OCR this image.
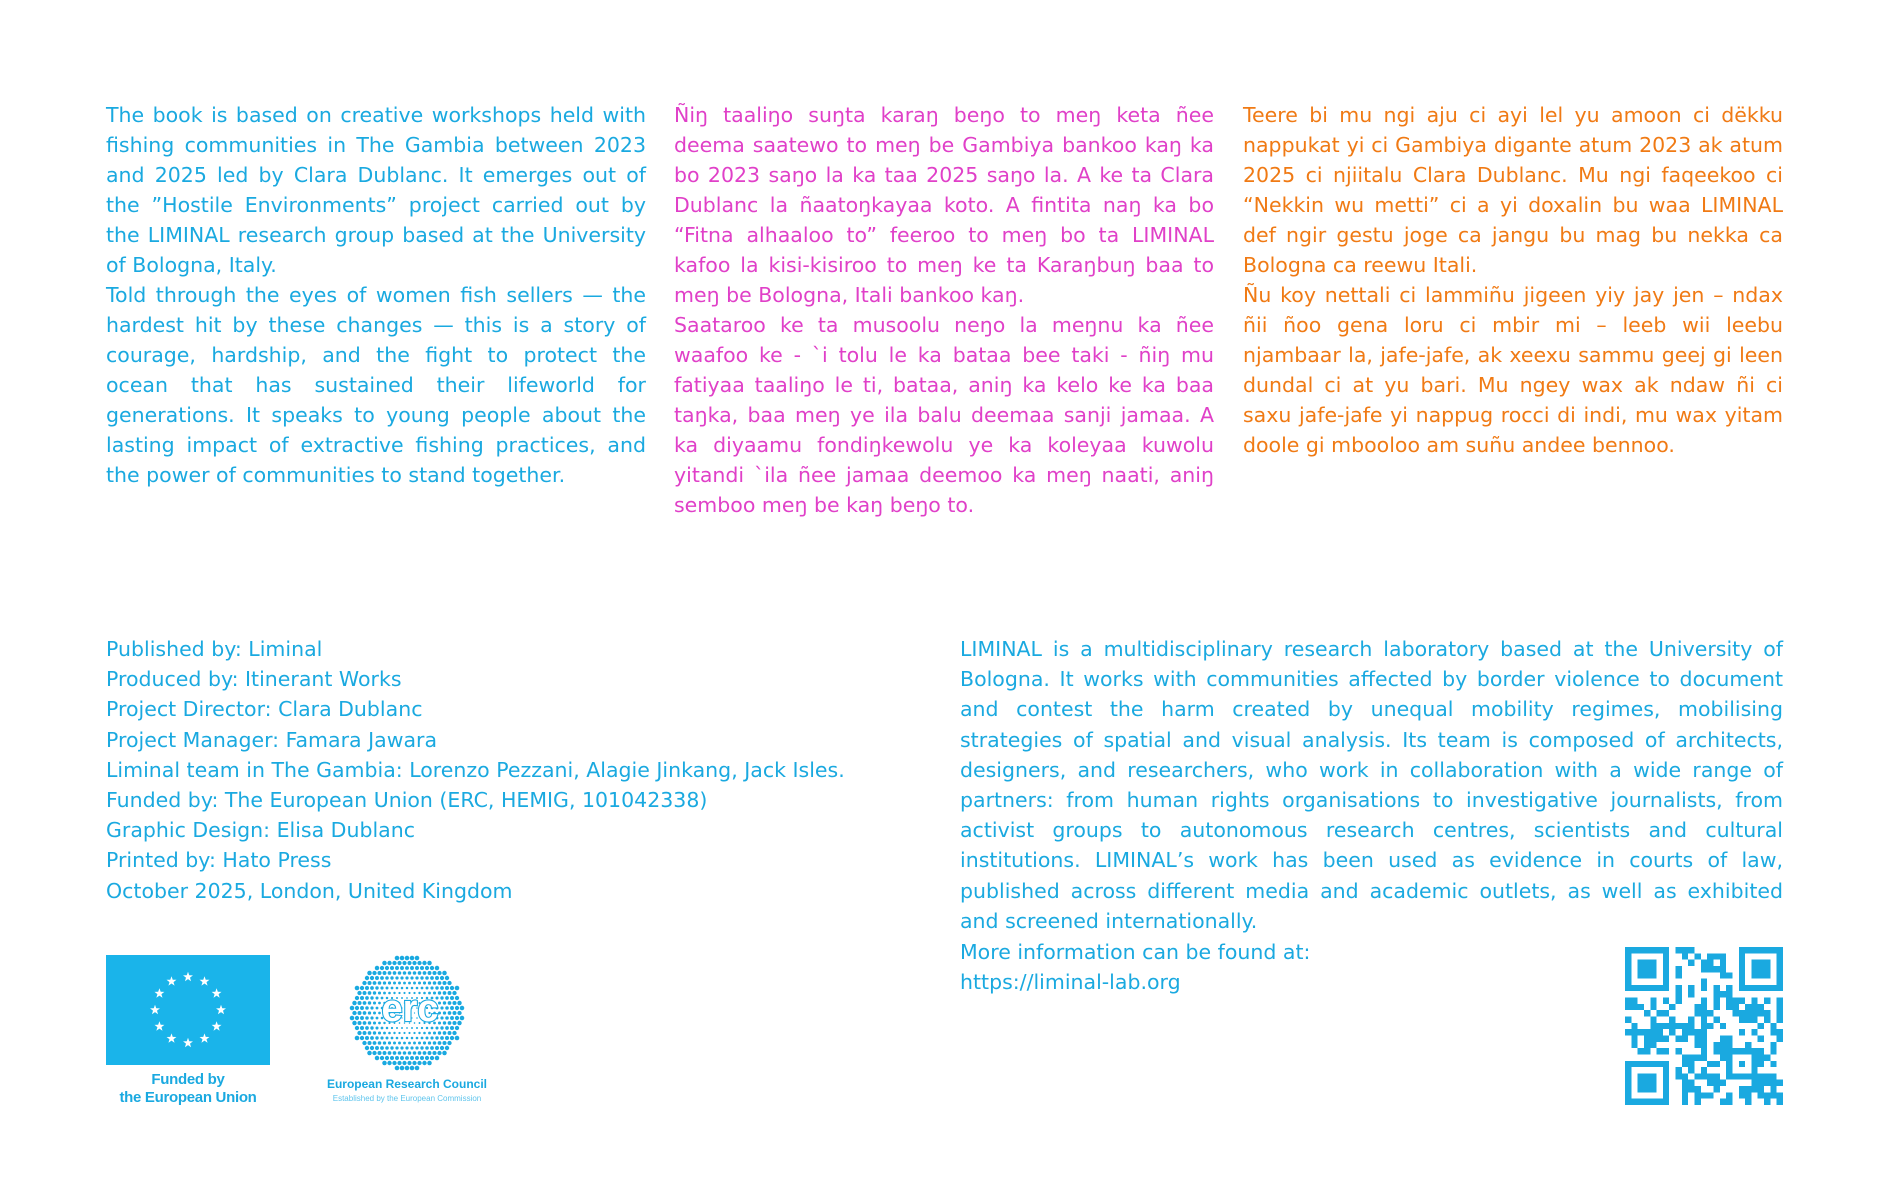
The book is based on creative workshops held with fishing communities in The Gambia between 2023 and 2025 led by Clara Dublanc. It emerges out of the ”Hostile Environments” project carried out by the LIMINAL research group based at the University of Bologna, Italy.

Told through the eyes of women fish sellers — the hardest hit by these changes — this is a story of courage, hardship, and the fight to protect the ocean that has sustained their lifeworld for generations. It speaks to young people about the lasting impact of extractive fishing practices, and the power of communities to stand together.

Ñiŋ taaliŋo suŋta karaŋ beŋo to meŋ keta ñee deema saatewo to meŋ be Gambiya bankoo kaŋ ka bo 2023 saŋo la ka taa 2025 saŋo la. A ke ta Clara Dublanc la ñaatoŋkayaa koto. A fintita naŋ ka bo “Fitna alhaaloo to” feeroo to meŋ bo ta LIMINAL kafoo la kisi-kisiroo to meŋ ke ta Karaŋbuŋ baa to meŋ be Bologna, Itali bankoo kaŋ.

Saataroo ke ta musoolu neŋo la meŋnu ka ñee waafoo ke - `i tolu le ka bataa bee taki - ñiŋ mu fatiyaa taaliŋo le ti, bataa, aniŋ ka kelo ke ka baa taŋka, baa meŋ ye ila balu deemaa sanji jamaa. A ka diyaamu fondiŋkewolu ye ka koleyaa kuwolu yitandi `ila ñee jamaa deemoo ka meŋ naati, aniŋ semboo meŋ be kaŋ beŋo to.

Teere bi mu ngi aju ci ayi lel yu amoon ci dëkku nappukat yi ci Gambiya digante atum 2023 ak atum 2025 ci njiitalu Clara Dublanc. Mu ngi faqeekoo ci “Nekkin wu metti” ci a yi doxalin bu waa LIMINAL def ngir gestu joge ca jangu bu mag bu nekka ca Bologna ca reewu Itali.

Ñu koy nettali ci lammiñu jigeen yiy jay jen – ndax ñii ñoo gena loru ci mbir mi – leeb wii leebu njambaar la, jafe-jafe, ak xeexu sammu geej gi leen dundal ci at yu bari. Mu ngey wax ak ndaw ñi ci saxu jafe-jafe yi nappug rocci di indi, mu wax yitam doole gi mbooloo am suñu andee bennoo.

Published by: Liminal
Produced by: Itinerant Works
Project Director: Clara Dublanc
Project Manager: Famara Jawara
Liminal team in The Gambia: Lorenzo Pezzani, Alagie Jinkang, Jack Isles.
Funded by: The European Union (ERC, HEMIG, 101042338)
Graphic Design: Elisa Dublanc
Printed by: Hato Press
October 2025, London, United Kingdom
LIMINAL is a multidisciplinary research laboratory based at the University of Bologna. It works with communities affected by border violence to document and contest the harm created by unequal mobility regimes, mobilising strategies of spatial and visual analysis. Its team is composed of architects, designers, and researchers, who work in collaboration with a wide range of partners: from human rights organisations to investigative journalists, from activist groups to autonomous research centres, scientists and cultural institutions. LIMINAL’s work has been used as evidence in courts of law, published across different media and academic outlets, as well as exhibited and screened internationally.
More information can be found at:
https://liminal-lab.org
Funded by
the European Union
erc
European Research Council
Established by the European Commission
